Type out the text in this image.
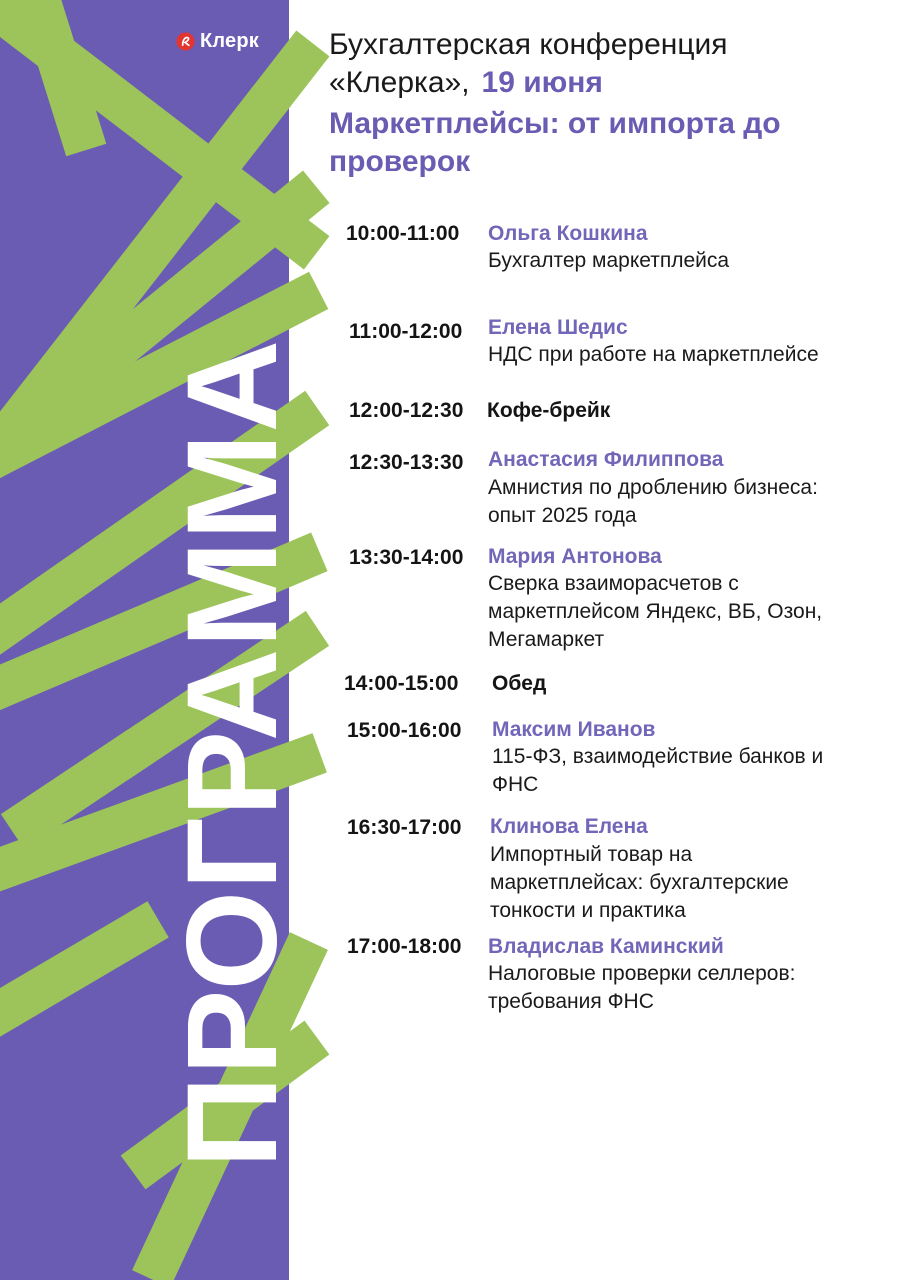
Клерк
ПРОГРАММА
Бухгалтерская конференция
«Клерка», 19 июня
Маркетплейсы: от импорта до
проверок
10:00-11:00 Ольга Кошкина
Бухгалтер маркетплейса
11:00-12:00 Елена Шедис
НДС при работе на маркетплейсе
12:00-12:30 Кофе-брейк
12:30-13:30 Анастасия Филиппова
Амнистия по дроблению бизнеса:
опыт 2025 года
13:30-14:00 Мария Антонова
Сверка взаиморасчетов с
маркетплейсом Яндекс, ВБ, Озон,
Мегамаркет
14:00-15:00 Обед
15:00-16:00 Максим Иванов
115-ФЗ, взаимодействие банков и
ФНС
16:30-17:00 Клинова Елена
Импортный товар на
маркетплейсах: бухгалтерские
тонкости и практика
17:00-18:00 Владислав Каминский
Налоговые проверки селлеров:
требования ФНС
